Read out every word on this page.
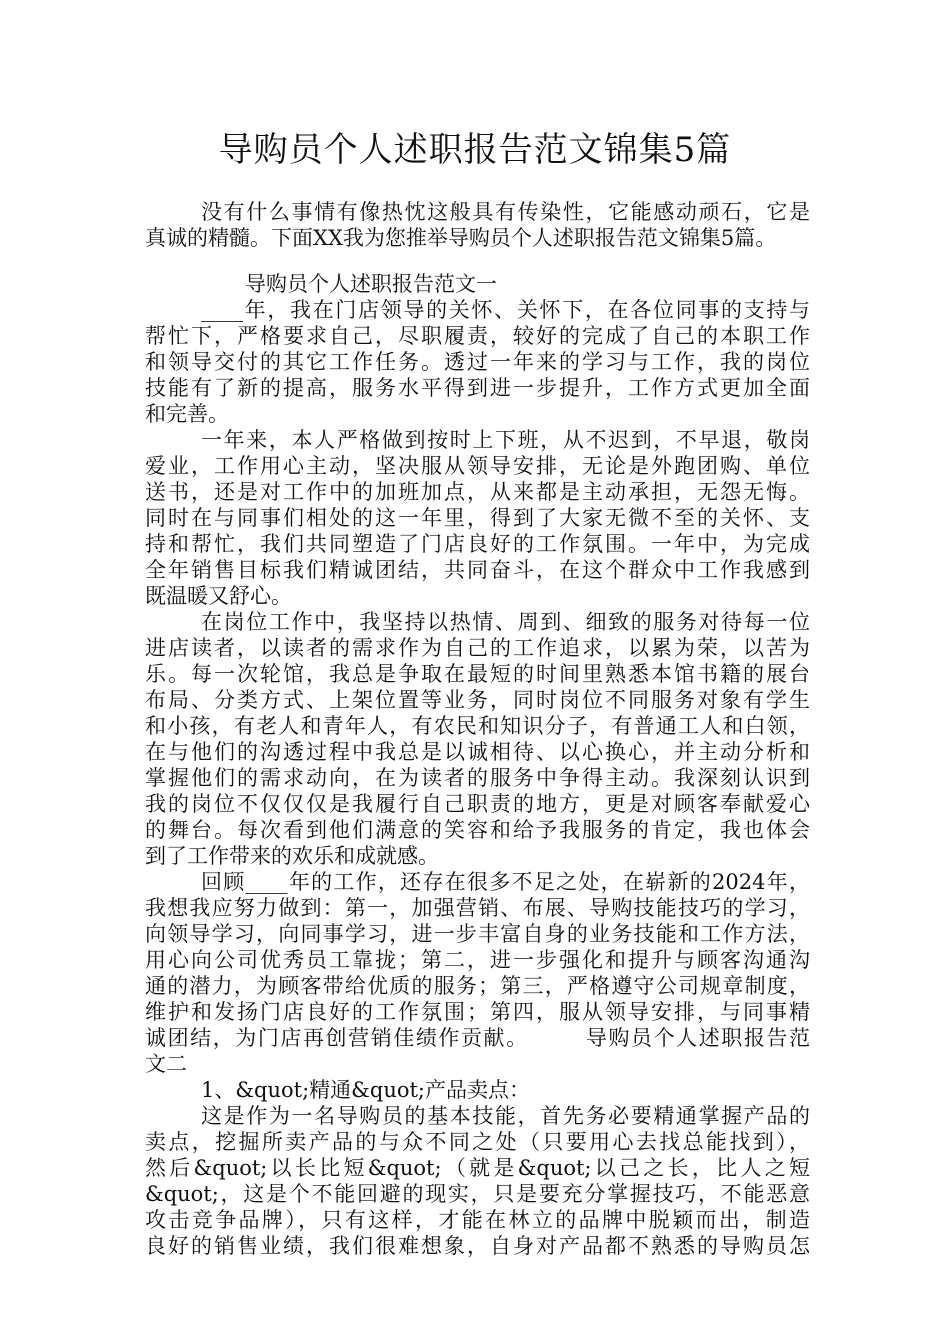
导购员个人述职报告范文锦集5篇
没有什么事情有像热忱这般具有传染性，它能感动顽石，它是
真诚的精髓。下面XX我为您推举导购员个人述职报告范文锦集5篇。
导购员个人述职报告范文一
____年，我在门店领导的关怀、关怀下，在各位同事的支持与
帮忙下，严格要求自己，尽职履责，较好的完成了自己的本职工作
和领导交付的其它工作任务。透过一年来的学习与工作，我的岗位
技能有了新的提高，服务水平得到进一步提升，工作方式更加全面
和完善。
一年来，本人严格做到按时上下班，从不迟到，不早退，敬岗
爱业，工作用心主动，坚决服从领导安排，无论是外跑团购、单位
送书，还是对工作中的加班加点，从来都是主动承担，无怨无悔。
同时在与同事们相处的这一年里，得到了大家无微不至的关怀、支
持和帮忙，我们共同塑造了门店良好的工作氛围。一年中，为完成
全年销售目标我们精诚团结，共同奋斗，在这个群众中工作我感到
既温暖又舒心。
在岗位工作中，我坚持以热情、周到、细致的服务对待每一位
进店读者，以读者的需求作为自己的工作追求，以累为荣，以苦为
乐。每一次轮馆，我总是争取在最短的时间里熟悉本馆书籍的展台
布局、分类方式、上架位置等业务，同时岗位不同服务对象有学生
和小孩，有老人和青年人，有农民和知识分子，有普通工人和白领，
在与他们的沟透过程中我总是以诚相待、以心换心，并主动分析和
掌握他们的需求动向，在为读者的服务中争得主动。我深刻认识到
我的岗位不仅仅仅是我履行自己职责的地方，更是对顾客奉献爱心
的舞台。每次看到他们满意的笑容和给予我服务的肯定，我也体会
到了工作带来的欢乐和成就感。
回顾____年的工作，还存在很多不足之处，在崭新的2024年，
我想我应努力做到：第一，加强营销、布展、导购技能技巧的学习，
向领导学习，向同事学习，进一步丰富自身的业务技能和工作方法，
用心向公司优秀员工靠拢；第二，进一步强化和提升与顾客沟通沟
通的潜力，为顾客带给优质的服务；第三，严格遵守公司规章制度，
维护和发扬门店良好的工作氛围；第四，服从领导安排，与同事精
诚团结，为门店再创营销佳绩作贡献。　　　导购员个人述职报告范
文二
1、&quot;精通&quot;产品卖点：
这是作为一名导购员的基本技能，首先务必要精通掌握产品的
卖点，挖掘所卖产品的与众不同之处（只要用心去找总能找到），
然后&quot;以长比短&quot;（就是&quot;以己之长，比人之短
&quot;，这是个不能回避的现实，只是要充分掌握技巧，不能恶意
攻击竞争品牌），只有这样，才能在林立的品牌中脱颖而出，制造
良好的销售业绩，我们很难想象，自身对产品都不熟悉的导购员怎
